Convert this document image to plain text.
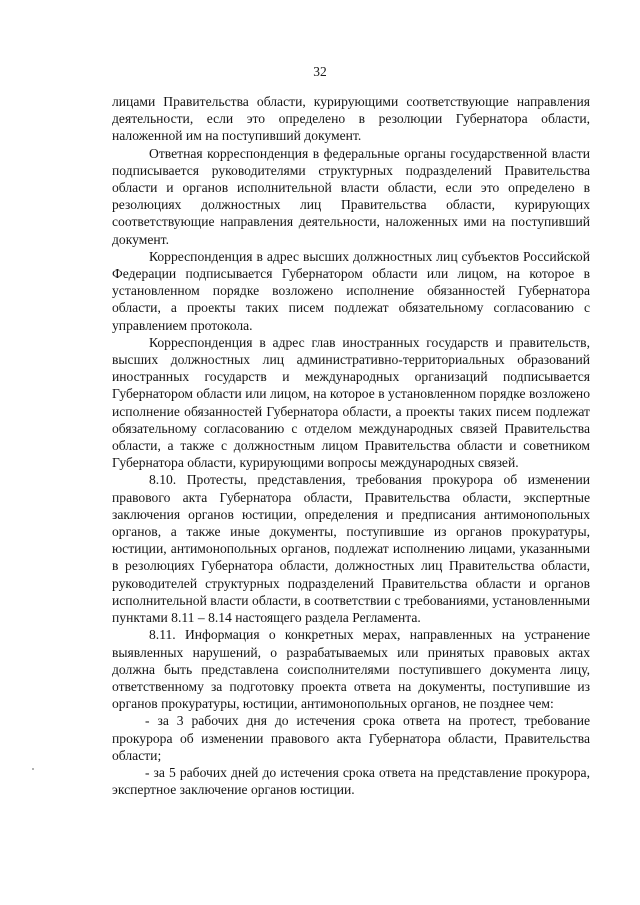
32

лицами Правительства области, курирующими соответствующие направления деятельности, если это определено в резолюции Губернатора области, наложенной им на поступивший документ.

Ответная корреспонденция в федеральные органы государственной власти подписывается руководителями структурных подразделений Правительства области и органов исполнительной власти области, если это определено в резолюциях должностных лиц Правительства области, курирующих соответствующие направления деятельности, наложенных ими на поступивший документ.

Корреспонденция в адрес высших должностных лиц субъектов Российской Федерации подписывается Губернатором области или лицом, на которое в установленном порядке возложено исполнение обязанностей Губернатора области, а проекты таких писем подлежат обязательному согласованию с управлением протокола.

Корреспонденция в адрес глав иностранных государств и правительств, высших должностных лиц административно-территориальных образований иностранных государств и международных организаций подписывается Губернатором области или лицом, на которое в установленном порядке возложено исполнение обязанностей Губернатора области, а проекты таких писем подлежат обязательному согласованию с отделом международных связей Правительства области, а также с должностным лицом Правительства области и советником Губернатора области, курирующими вопросы международных связей.

8.10. Протесты, представления, требования прокурора об изменении правового акта Губернатора области, Правительства области, экспертные заключения органов юстиции, определения и предписания антимонопольных органов, а также иные документы, поступившие из органов прокуратуры, юстиции, антимонопольных органов, подлежат исполнению лицами, указанными в резолюциях Губернатора области, должностных лиц Правительства области, руководителей структурных подразделений Правительства области и органов исполнительной власти области, в соответствии с требованиями, установленными пунктами 8.11 – 8.14 настоящего раздела Регламента.

8.11. Информация о конкретных мерах, направленных на устранение выявленных нарушений, о разрабатываемых или принятых правовых актах должна быть представлена соисполнителями поступившего документа лицу, ответственному за подготовку проекта ответа на документы, поступившие из органов прокуратуры, юстиции, антимонопольных органов, не позднее чем:

- за 3 рабочих дня до истечения срока ответа на протест, требование прокурора об изменении правового акта Губернатора области, Правительства области;

- за 5 рабочих дней до истечения срока ответа на представление прокурора, экспертное заключение органов юстиции.
